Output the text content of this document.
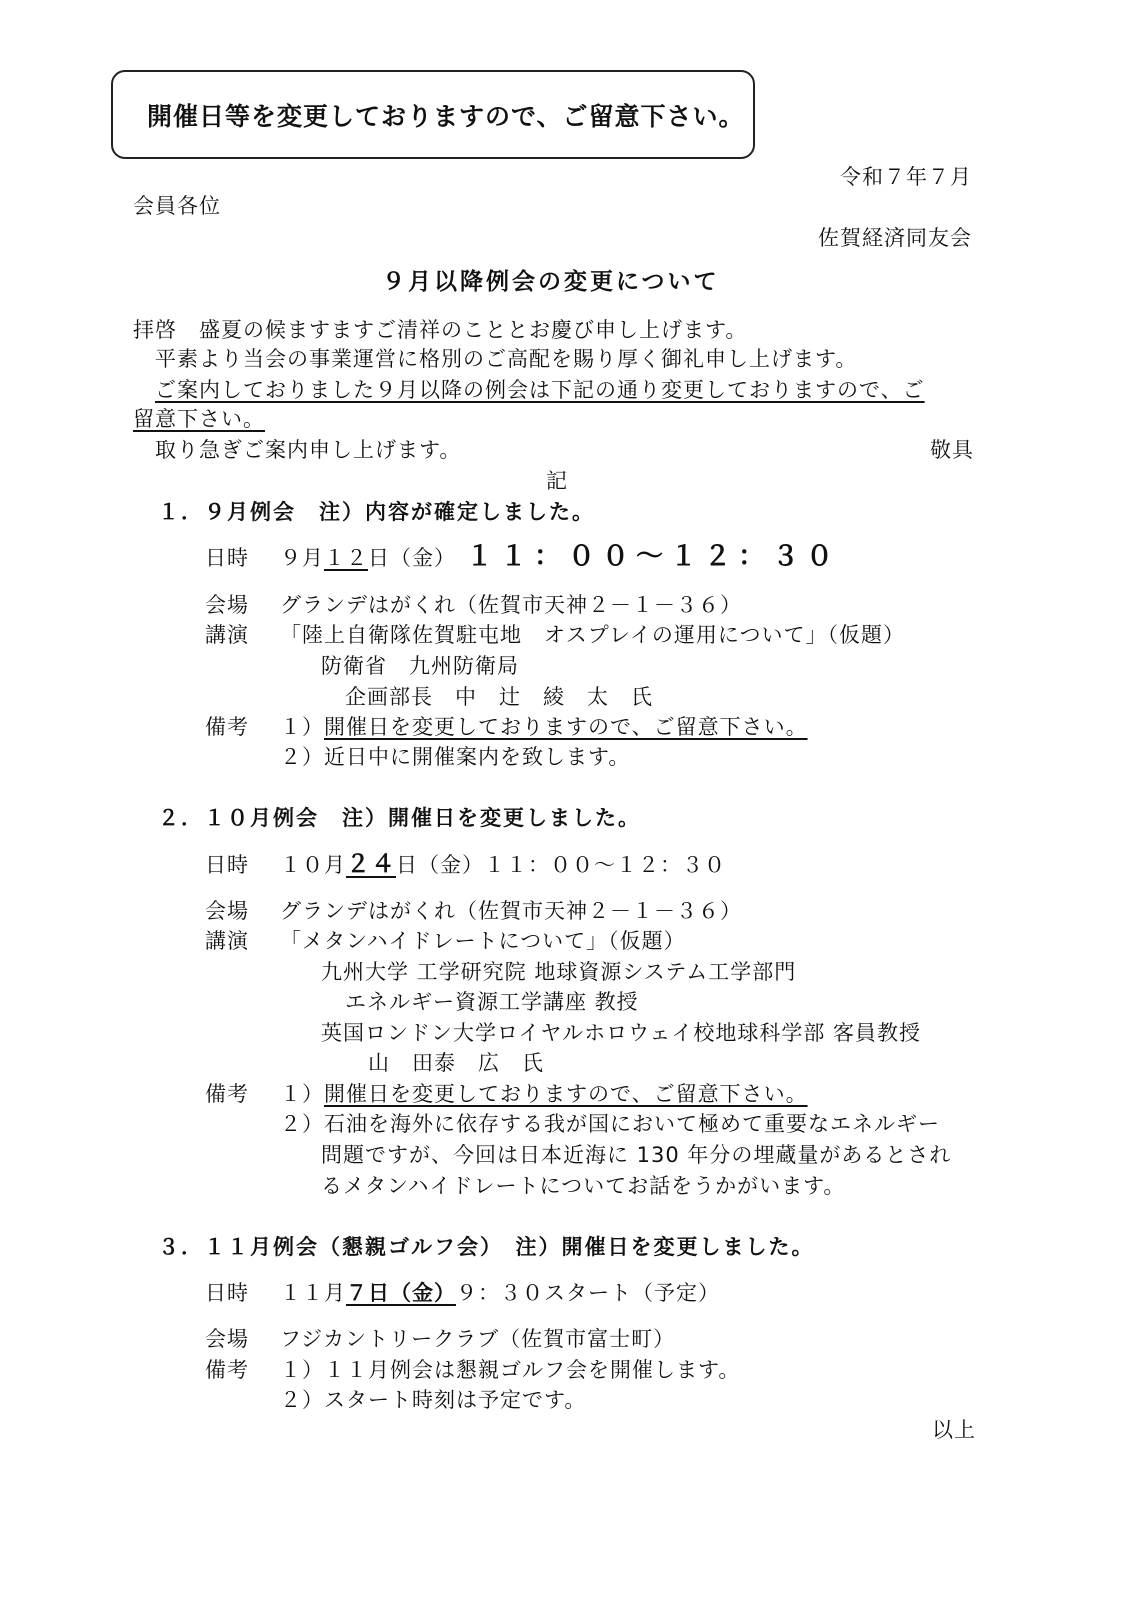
開催日等を変更しておりますので、ご留意下さい。
令和７年７月
会員各位
佐賀経済同友会
９月以降例会の変更について
拝啓　盛夏の候ますますご清祥のこととお慶び申し上げます。
平素より当会の事業運営に格別のご高配を賜り厚く御礼申し上げます。
ご案内しておりました９月以降の例会は下記の通り変更しておりますので、ご
留意下さい。
取り急ぎご案内申し上げます。	敬具
記
１．９月例会　注）内容が確定しました。
日時 ９月１２日（金） １１：００～１２：３０
会場 グランデはがくれ（佐賀市天神２－１－３６）
講演 「陸上自衛隊佐賀駐屯地　オスプレイの運用について」（仮題）
防衛省　九州防衛局
企画部長　中　辻　綾　太　氏
備考 １）開催日を変更しておりますので、ご留意下さい。
２）近日中に開催案内を致します。
２．１０月例会　注）開催日を変更しました。
日時 １０月２４日（金）１１：００～１２：３０
会場 グランデはがくれ（佐賀市天神２－１－３６）
講演 「メタンハイドレートについて」（仮題）
九州大学 工学研究院 地球資源システム工学部門
エネルギー資源工学講座 教授
英国ロンドン大学ロイヤルホロウェイ校地球科学部 客員教授
山　田泰　広　氏
備考 １）開催日を変更しておりますので、ご留意下さい。
２）石油を海外に依存する我が国において極めて重要なエネルギー
問題ですが、今回は日本近海に 130 年分の埋蔵量があるとされ
るメタンハイドレートについてお話をうかがいます。
３．１１月例会（懇親ゴルフ会）　注）開催日を変更しました。
日時 １１月７日（金）９：３０スタート（予定）
会場 フジカントリークラブ（佐賀市富士町）
備考 １）１１月例会は懇親ゴルフ会を開催します。
２）スタート時刻は予定です。
以上
